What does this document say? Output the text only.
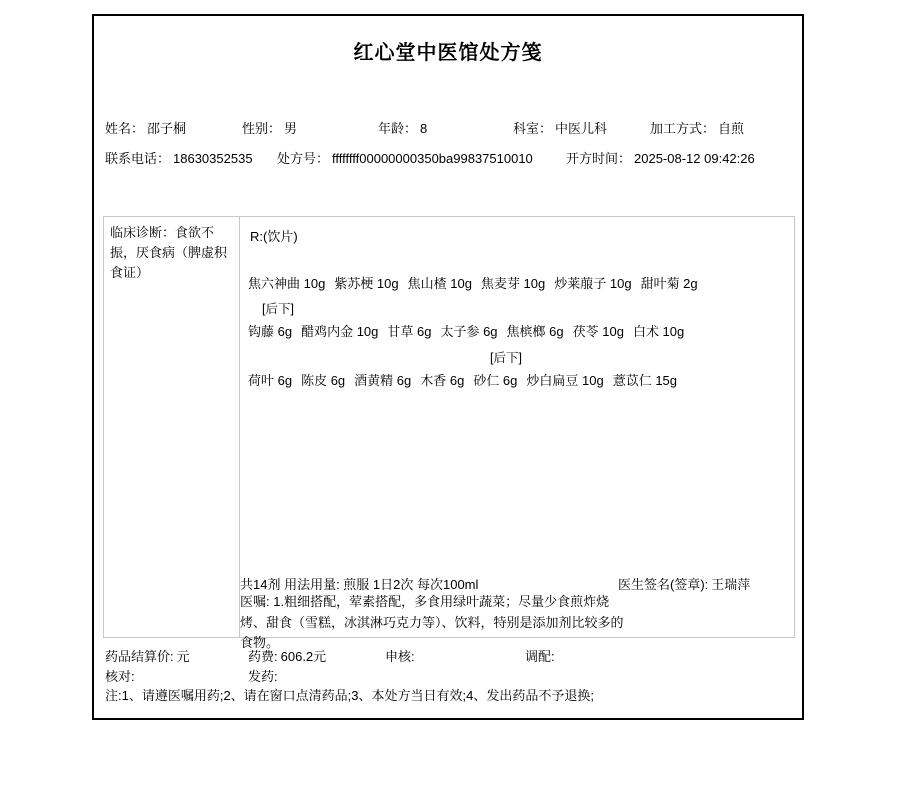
红心堂中医馆处方笺
姓名： 邵子桐	性别： 男	年龄： 8	科室： 中医儿科	加工方式： 自煎
联系电话： 18630352535 处方号： ffffffff00000000350ba99837510010	开方时间： 2025-08-12 09:42:26
临床诊断：食欲不振，厌食病（脾虚积食证）
R:(饮片)
焦六神曲 10g 紫苏梗 10g 焦山楂 10g 焦麦芽 10g 炒莱菔子 10g 甜叶菊 2g
[后下]
钩藤 6g 醋鸡内金 10g 甘草 6g 太子参 6g 焦槟榔 6g 茯苓 10g 白术 10g
[后下]
荷叶 6g 陈皮 6g 酒黄精 6g 木香 6g 砂仁 6g 炒白扁豆 10g 薏苡仁 15g
共14剂 用法用量: 煎服 1日2次 每次100ml	医生签名(签章): 王瑞萍
医嘱: 1.粗细搭配，荤素搭配，多食用绿叶蔬菜；尽量少食煎炸烧烤、甜食（雪糕，冰淇淋巧克力等）、饮料，特别是添加剂比较多的食物。
药品结算价: 元	药费: 606.2元	申核:	调配:
核对:	发药:
注:1、请遵医嘱用药;2、请在窗口点清药品;3、本处方当日有效;4、发出药品不予退换;
